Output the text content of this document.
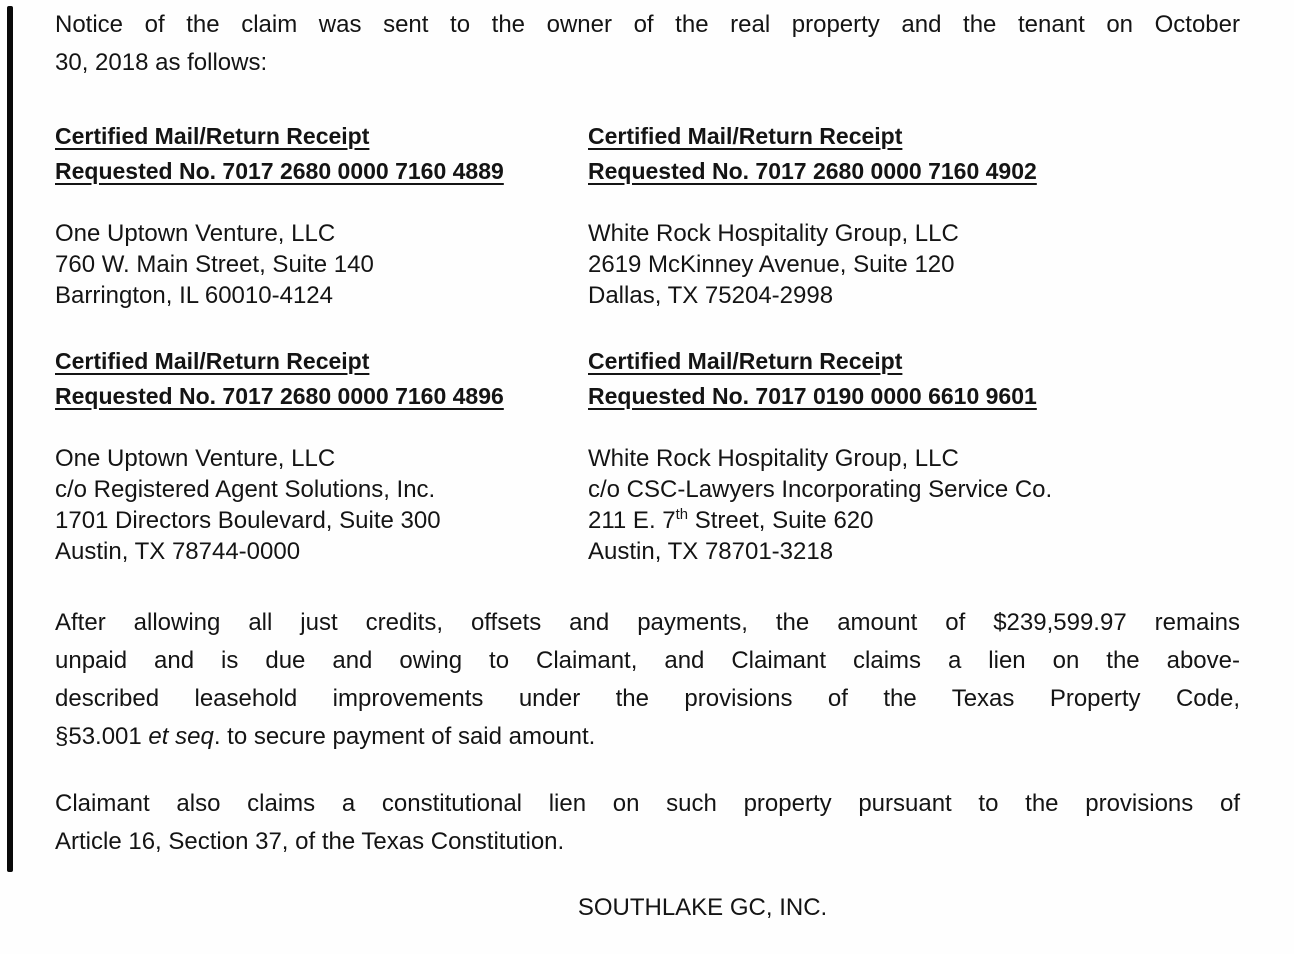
Notice of the claim was sent to the owner of the real property and the tenant on October
30, 2018 as follows:
Certified Mail/Return Receipt
Requested No. 7017 2680 0000 7160 4889
Certified Mail/Return Receipt
Requested No. 7017 2680 0000 7160 4902
One Uptown Venture, LLC
760 W. Main Street, Suite 140
Barrington, IL 60010-4124
White Rock Hospitality Group, LLC
2619 McKinney Avenue, Suite 120
Dallas, TX 75204-2998
Certified Mail/Return Receipt
Requested No. 7017 2680 0000 7160 4896
Certified Mail/Return Receipt
Requested No. 7017 0190 0000 6610 9601
One Uptown Venture, LLC
c/o Registered Agent Solutions, Inc.
1701 Directors Boulevard, Suite 300
Austin, TX 78744-0000
White Rock Hospitality Group, LLC
c/o CSC-Lawyers Incorporating Service Co.
211 E. 7th Street, Suite 620
Austin, TX 78701-3218
After allowing all just credits, offsets and payments, the amount of $239,599.97 remains
unpaid and is due and owing to Claimant, and Claimant claims a lien on the above-
described leasehold improvements under the provisions of the Texas Property Code,
§53.001 et seq. to secure payment of said amount.
Claimant also claims a constitutional lien on such property pursuant to the provisions of
Article 16, Section 37, of the Texas Constitution.
SOUTHLAKE GC, INC.
